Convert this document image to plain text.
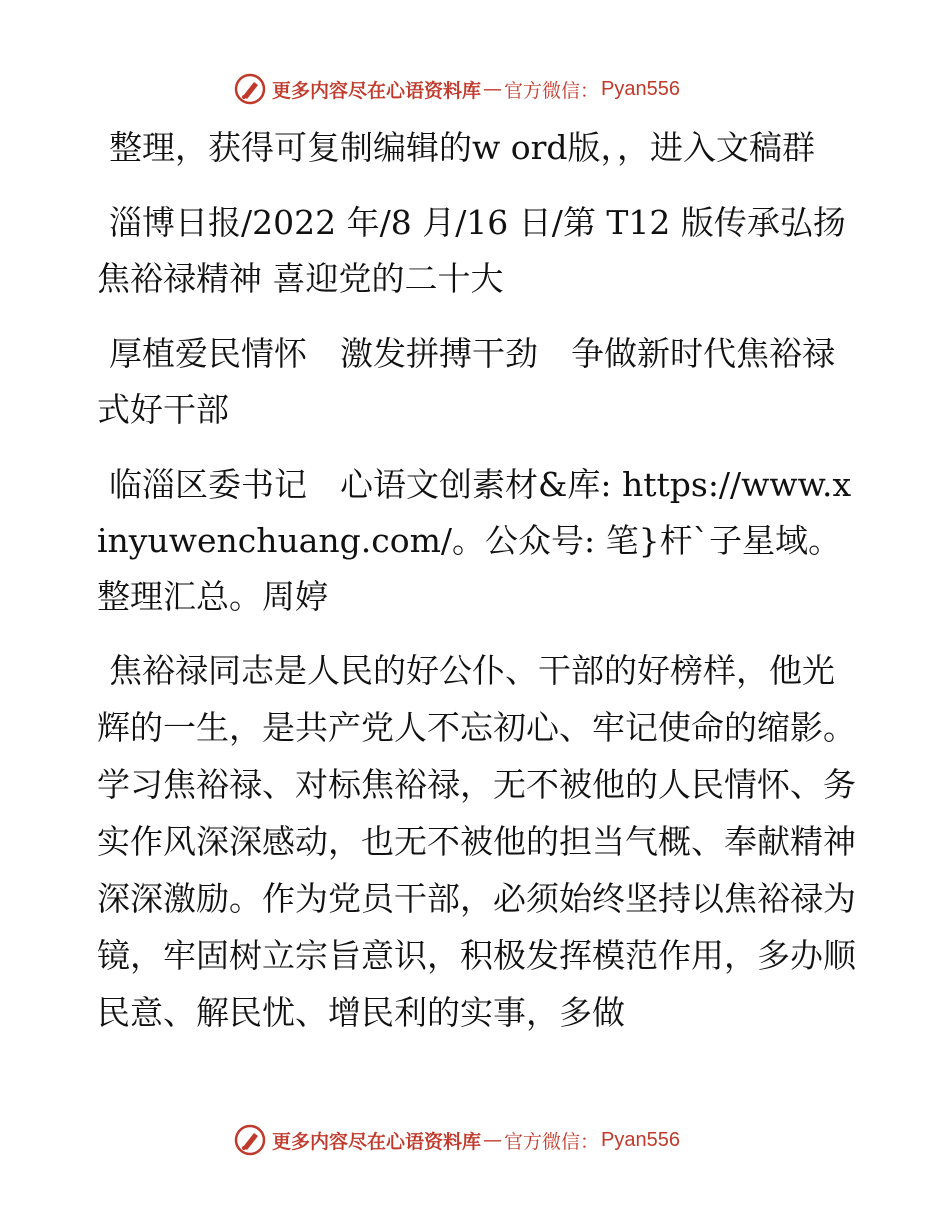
更多内容尽在心语资料库 — 官方微信： Pyan556

整理，获得可复制编辑的w ord版，，进入文稿群

淄博日报/2022 年/8 月/16 日/第 T12 版传承弘扬焦裕禄精神 喜迎党的二十大

厚植爱民情怀　激发拼搏干劲　争做新时代焦裕禄式好干部

临淄区委书记　心语文创素材&库: https://www.xinyuwenchuang.com/。公众号: 笔}杆`子星域。整理汇总。周婷

焦裕禄同志是人民的好公仆、干部的好榜样，他光辉的一生，是共产党人不忘初心、牢记使命的缩影。学习焦裕禄、对标焦裕禄，无不被他的人民情怀、务实作风深深感动，也无不被他的担当气概、奉献精神深深激励。作为党员干部，必须始终坚持以焦裕禄为镜，牢固树立宗旨意识，积极发挥模范作用，多办顺民意、解民忧、增民利的实事，多做

更多内容尽在心语资料库 — 官方微信： Pyan556
